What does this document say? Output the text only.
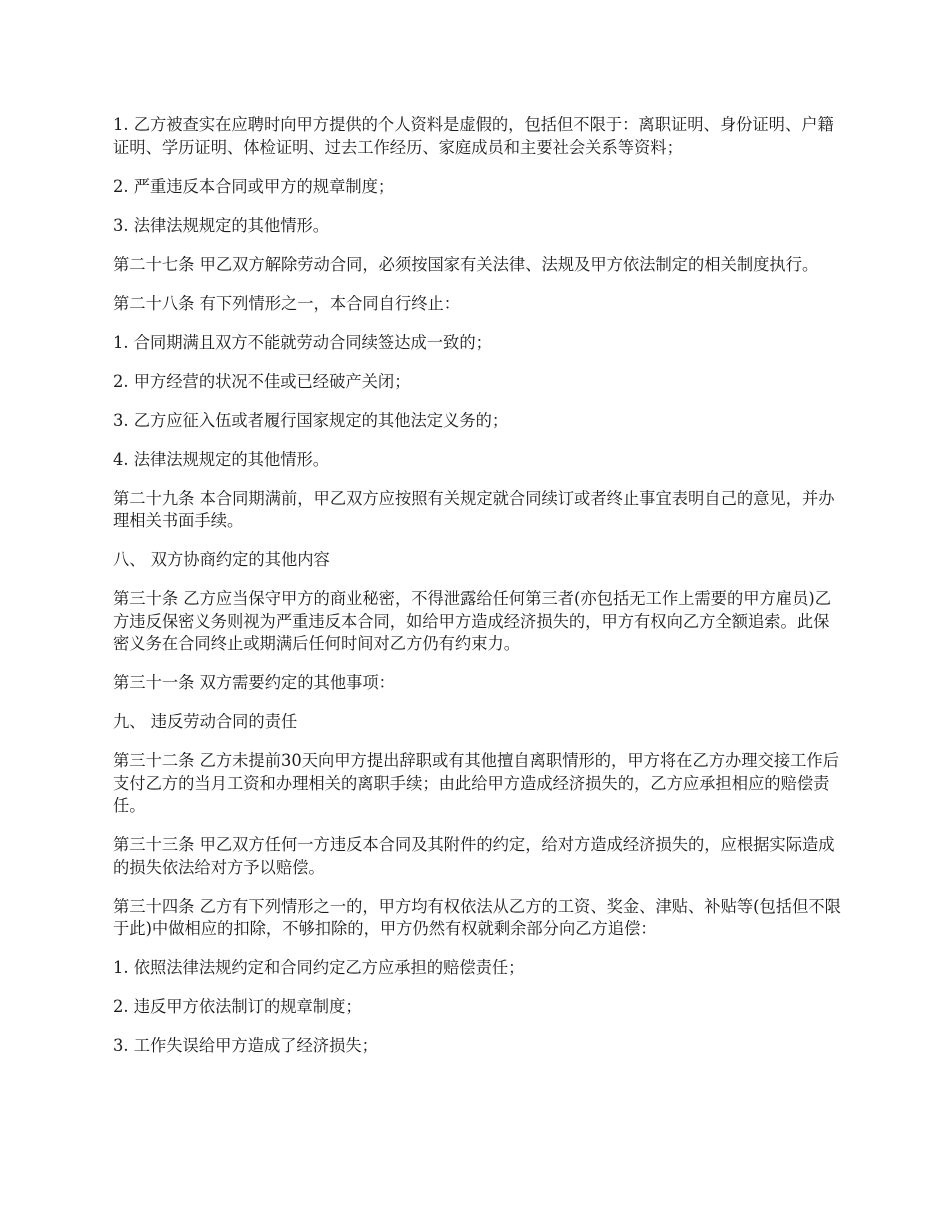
1. 乙方被查实在应聘时向甲方提供的个人资料是虚假的，包括但不限于：离职证明、身份证明、户籍证明、学历证明、体检证明、过去工作经历、家庭成员和主要社会关系等资料；

2. 严重违反本合同或甲方的规章制度；

3. 法律法规规定的其他情形。

第二十七条 甲乙双方解除劳动合同，必须按国家有关法律、法规及甲方依法制定的相关制度执行。

第二十八条 有下列情形之一，本合同自行终止：

1. 合同期满且双方不能就劳动合同续签达成一致的；

2. 甲方经营的状况不佳或已经破产关闭；

3. 乙方应征入伍或者履行国家规定的其他法定义务的；

4. 法律法规规定的其他情形。

第二十九条 本合同期满前，甲乙双方应按照有关规定就合同续订或者终止事宜表明自己的意见，并办理相关书面手续。

八、 双方协商约定的其他内容

第三十条 乙方应当保守甲方的商业秘密，不得泄露给任何第三者(亦包括无工作上需要的甲方雇员)乙方违反保密义务则视为严重违反本合同，如给甲方造成经济损失的，甲方有权向乙方全额追索。此保密义务在合同终止或期满后任何时间对乙方仍有约束力。

第三十一条 双方需要约定的其他事项：

九、 违反劳动合同的责任

第三十二条 乙方未提前30天向甲方提出辞职或有其他擅自离职情形的，甲方将在乙方办理交接工作后支付乙方的当月工资和办理相关的离职手续；由此给甲方造成经济损失的，乙方应承担相应的赔偿责任。

第三十三条 甲乙双方任何一方违反本合同及其附件的约定，给对方造成经济损失的，应根据实际造成的损失依法给对方予以赔偿。

第三十四条 乙方有下列情形之一的，甲方均有权依法从乙方的工资、奖金、津贴、补贴等(包括但不限于此)中做相应的扣除，不够扣除的，甲方仍然有权就剩余部分向乙方追偿：

1. 依照法律法规约定和合同约定乙方应承担的赔偿责任；

2. 违反甲方依法制订的规章制度；

3. 工作失误给甲方造成了经济损失；
